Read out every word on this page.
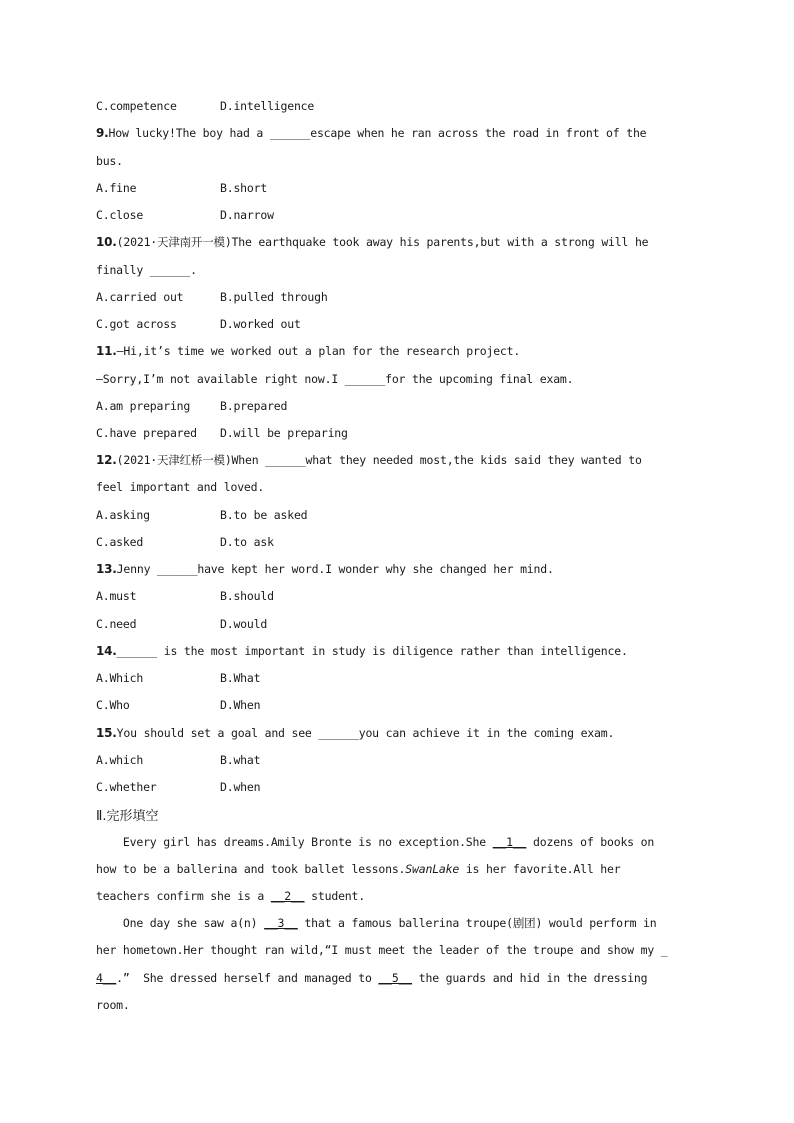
C.competence	D.intelligence
9.How lucky!The boy had a ______escape when he ran across the road in front of the
bus.
A.fine	B.short
C.close	D.narrow
10.(2021·天津南开一模)The earthquake took away his parents,but with a strong will he
finally ______.
A.carried out	B.pulled through
C.got across	D.worked out
11.—Hi,it’s time we worked out a plan for the research project.
—Sorry,I’m not available right now.I ______for the upcoming final exam.
A.am preparing	B.prepared
C.have prepared D.will be preparing
12.(2021·天津红桥一模)When ______what they needed most,the kids said they wanted to
feel important and loved.
A.asking	B.to be asked
C.asked	D.to ask
13.Jenny ______have kept her word.I wonder why she changed her mind.
A.must	B.should
C.need	D.would
14.______ is the most important in study is diligence rather than intelligence.
A.Which	B.What
C.Who	D.When
15.You should set a goal and see ______you can achieve it in the coming exam.
A.which	B.what
C.whether	D.when
Ⅱ.完形填空
Every girl has dreams.Amily Bronte is no exception.She __1__ dozens of books on
how to be a ballerina and took ballet lessons.SwanLake is her favorite.All her
teachers confirm she is a __2__ student.
One day she saw a(n) __3__ that a famous ballerina troupe(剧团) would perform in
her hometown.Her thought ran wild,“I must meet the leader of the troupe and show my _
4__.”  She dressed herself and managed to __5__ the guards and hid in the dressing
room.
